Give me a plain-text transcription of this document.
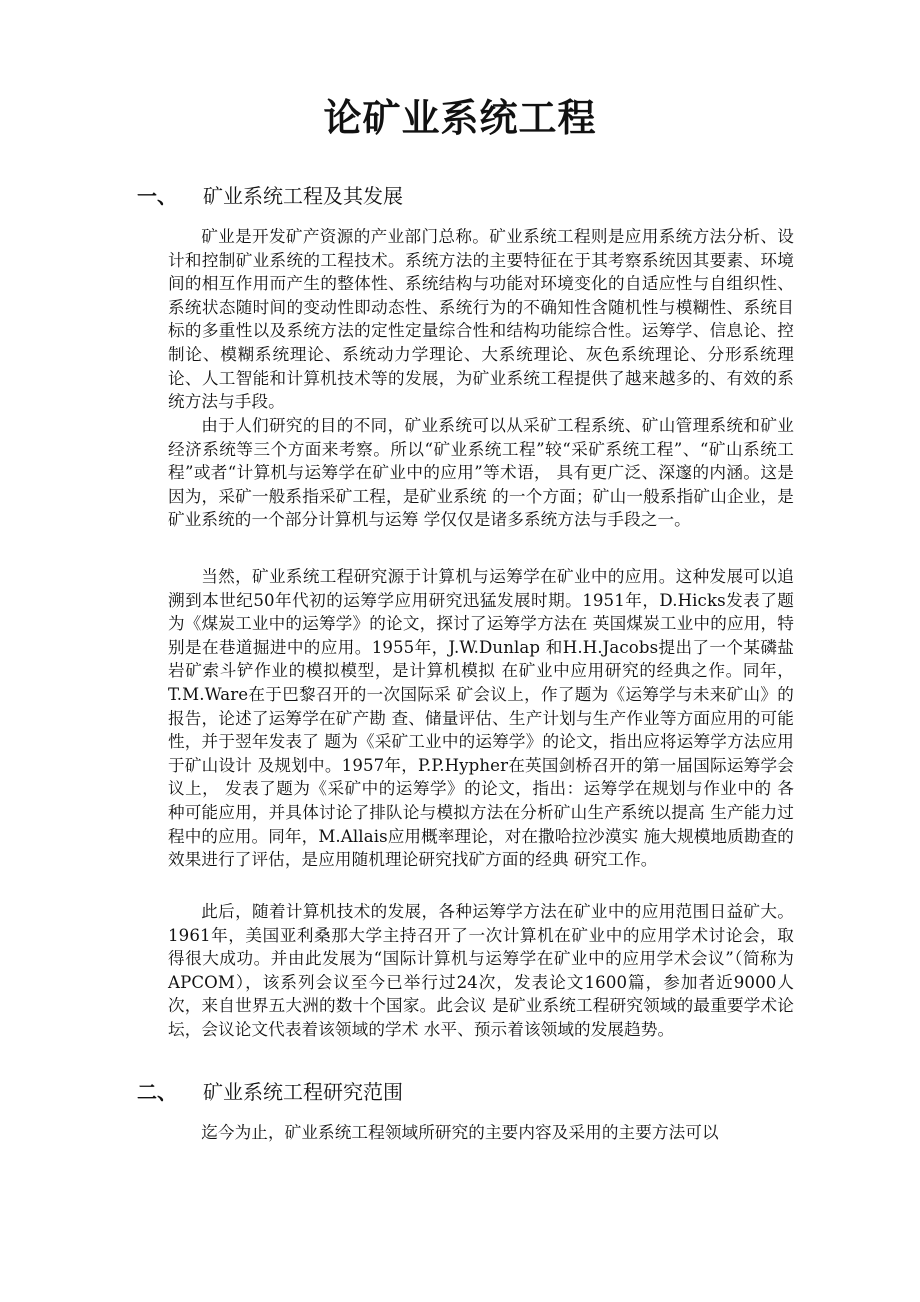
论矿业系统工程
一、 矿业系统工程及其发展

矿业是开发矿产资源的产业部门总称。矿业系统工程则是应用系统方法分析、设计和控制矿业系统的工程技术。系统方法的主要特征在于其考察系统因其要素、环境间的相互作用而产生的整体性、系统结构与功能对环境变化的自适应性与自组织性、系统状态随时间的变动性即动态性、系统行为的不确知性含随机性与模糊性、系统目标的多重性以及系统方法的定性定量综合性和结构功能综合性。运筹学、信息论、控制论、模糊系统理论、系统动力学理论、大系统理论、灰色系统理论、分形系统理论、人工智能和计算机技术等的发展，为矿业系统工程提供了越来越多的、有效的系统方法与手段。

由于人们研究的目的不同，矿业系统可以从采矿工程系统、矿山管理系统和矿业经济系统等三个方面来考察。所以“矿业系统工程”较“采矿系统工程”、“矿山系统工程”或者“计算机与运筹学在矿业中的应用”等术语， 具有更广泛、深邃的内涵。这是因为，采矿一般系指采矿工程，是矿业系统 的一个方面；矿山一般系指矿山企业，是矿业系统的一个部分计算机与运筹 学仅仅是诸多系统方法与手段之一。

当然，矿业系统工程研究源于计算机与运筹学在矿业中的应用。这种发展可以追溯到本世纪50年代初的运筹学应用研究迅猛发展时期。1951年，D.Hicks发表了题为《煤炭工业中的运筹学》的论文，探讨了运筹学方法在 英国煤炭工业中的应用，特别是在巷道掘进中的应用。1955年，J.W.Dunlap 和H.H.Jacobs提出了一个某磷盐岩矿索斗铲作业的模拟模型，是计算机模拟 在矿业中应用研究的经典之作。同年，T.M.Ware在于巴黎召开的一次国际采 矿会议上，作了题为《运筹学与未来矿山》的报告，论述了运筹学在矿产勘 查、储量评估、生产计划与生产作业等方面应用的可能性，并于翌年发表了 题为《采矿工业中的运筹学》的论文，指出应将运筹学方法应用于矿山设计 及规划中。1957年，P.P.Hypher在英国剑桥召开的第一届国际运筹学会议上， 发表了题为《采矿中的运筹学》的论文，指出：运筹学在规划与作业中的 各种可能应用，并具体讨论了排队论与模拟方法在分析矿山生产系统以提高 生产能力过程中的应用。同年，M.Allais应用概率理论，对在撒哈拉沙漠实 施大规模地质勘查的效果进行了评估，是应用随机理论研究找矿方面的经典 研究工作。

此后，随着计算机技术的发展，各种运筹学方法在矿业中的应用范围日益矿大。1961年，美国亚利桑那大学主持召开了一次计算机在矿业中的应用学术讨论会，取得很大成功。并由此发展为“国际计算机与运筹学在矿业中的应用学术会议”（简称为APCOM），该系列会议至今已举行过24次，发表论文1600篇，参加者近9000人次，来自世界五大洲的数十个国家。此会议 是矿业系统工程研究领域的最重要学术论坛，会议论文代表着该领域的学术 水平、预示着该领域的发展趋势。

二、 矿业系统工程研究范围

迄今为止，矿业系统工程领域所研究的主要内容及采用的主要方法可以
